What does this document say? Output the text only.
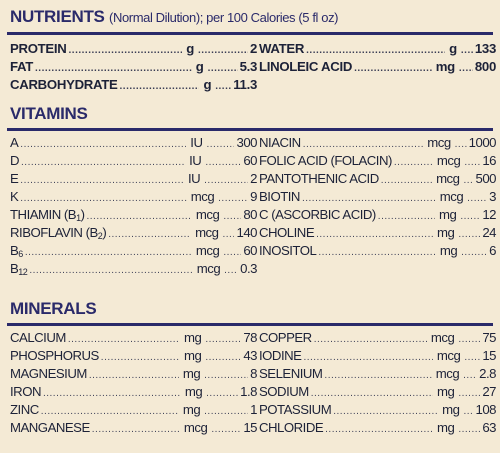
NUTRIENTS (Normal Dilution); per 100 Calories (5 fl oz)
PROTEIN .....	g .....	2
FAT .....	g .....	5.3
CARBOHYDRATE .....	g ..... 11.3
WATER .....	g ..... 133
LINOLEIC ACID .....	mg ..... 800
VITAMINS
A .....	IU .....	300
D .....	IU .....	60
E .....	IU .....	2
K .....	mcg .....	9
THIAMIN $(B_1)$ .....	mcg ..... 80
RIBOFLAVIN $(B_2)$ .....	mcg ..... 140
$B_6$ .....	mcg ..... 60
$B_{12}$ .....	mcg ..... 0.3
NIACIN .....	mcg ..... 1000
FOLIC ACID (FOLACIN) .....	mcg ..... 16
PANTOTHENIC ACID .....	mcg ..... 500
BIOTIN .....	mcg ..... 3
C (ASCORBIC ACID) .....	mg ..... 12
CHOLINE .....	mg ..... 24
INOSITOL .....	mg ..... 6
MINERALS
CALCIUM .....	mg .....	78
PHOSPHORUS .....	mg .....	43
MAGNESIUM .....	mg .....	8
IRON .....	mg .....	1.8
ZINC .....	mg .....	1
MANGANESE .....	mcg .....	15
COPPER .....	mcg ..... 75
IODINE .....	mcg ..... 15
SELENIUM .....	mcg ..... 2.8
SODIUM .....	mg ..... 27
POTASSIUM .....	mg ..... 108
CHLORIDE .....	mg ..... 63
